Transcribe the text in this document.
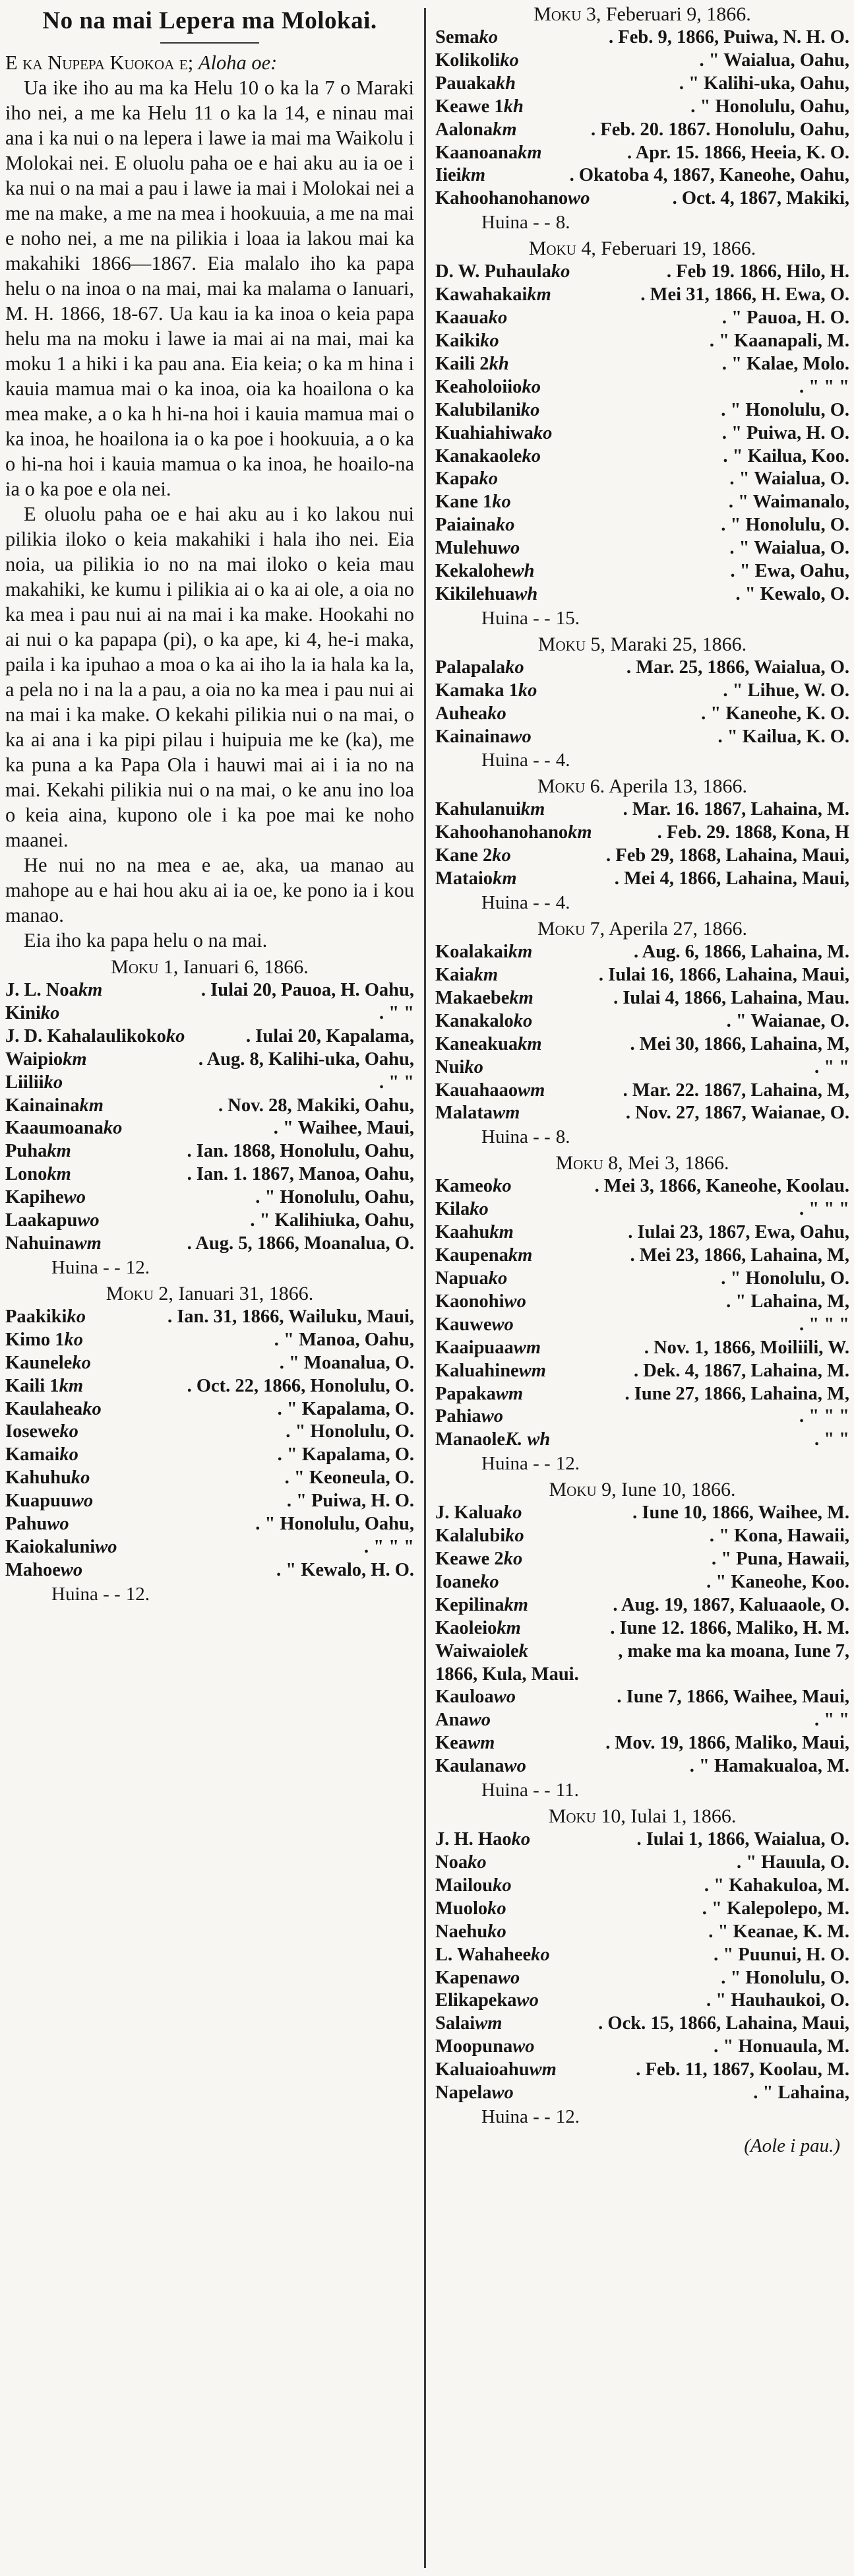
No na mai Lepera ma Molokai.

E ka Nupepa Kuokoa e; Aloha oe:

Ua ike iho au ma ka Helu 10 o ka la 7 o Maraki iho nei, a me ka Helu 11 o ka la 14, e ninau mai ana i ka nui o na lepera i lawe ia mai ma Waikolu i Molokai nei. E oluolu paha oe e hai aku au ia oe i ka nui o na mai a pau i lawe ia mai i Molokai nei a me na make, a me na mea i hookuuia, a me na mai e noho nei, a me na pilikia i loaa ia lakou mai ka makahiki 1866—1867. Eia malalo iho ka papa helu o na inoa o na mai, mai ka malama o Ianuari, M. H. 1866, 18-67. Ua kau ia ka inoa o keia papa helu ma na moku i lawe ia mai ai na mai, mai ka moku 1 a hiki i ka pau ana. Eia keia; o ka m hina i kauia mamua mai o ka inoa, oia ka hoailona o ka mea make, a o ka h hi-na hoi i kauia mamua mai o ka inoa, he hoailona ia o ka poe i hookuuia, a o ka o hi-na hoi i kauia mamua o ka inoa, he hoailo-na ia o ka poe e ola nei.

E oluolu paha oe e hai aku au i ko lakou nui pilikia iloko o keia makahiki i hala iho nei. Eia noia, ua pilikia io no na mai iloko o keia mau makahiki, ke kumu i pilikia ai o ka ai ole, a oia no ka mea i pau nui ai na mai i ka make. Hookahi no ai nui o ka papapa (pi), o ka ape, ki 4, he-i maka, paila i ka ipuhao a moa o ka ai iho la ia hala ka la, a pela no i na la a pau, a oia no ka mea i pau nui ai na mai i ka make. O kekahi pilikia nui o na mai, o ka ai ana i ka pipi pilau i huipuia me ke (ka), me ka puna a ka Papa Ola i hauwi mai ai i ia no na mai. Kekahi pilikia nui o na mai, o ke anu ino loa o keia aina, kupono ole i ka poe mai ke noho maanei.

He nui no na mea e ae, aka, ua manao au mahope au e hai hou aku ai ia oe, ke pono ia i kou manao.

Eia iho ka papa helu o na mai.

Moku 1, Ianuari 6, 1866.
J. L. Noa k m	. Iulai 20, Pauoa, H. Oahu,
Kini k o	. " "
J. D. Kahalaulikoko k o	. Iulai 20, Kapalama,
Waipio k m	. Aug. 8, Kalihi-uka, Oahu,
Liilii k o	. " "
Kainaina k m	. Nov. 28, Makiki, Oahu,
Kaaumoana k o	. " Waihee, Maui,
Puha k m	. Ian. 1868, Honolulu, Oahu,
Lono k m	. Ian. 1. 1867, Manoa, Oahu,
Kapihe w o	. " Honolulu, Oahu,
Laakapu w o	. " Kalihiuka, Oahu,
Nahuina w m	. Aug. 5, 1866, Moanalua, O.
Huina - - 12.
Moku 2, Ianuari 31, 1866.
Paakiki k o	. Ian. 31, 1866, Wailuku, Maui,
Kimo 1 k o	. " Manoa, Oahu,
Kaunele k o	. " Moanalua, O.
Kaili 1 k m	. Oct. 22, 1866, Honolulu, O.
Kaulahea k o	. " Kapalama, O.
Iosewe k o	. " Honolulu, O.
Kamai k o	. " Kapalama, O.
Kahuhu k o	. " Keoneula, O.
Kuapuu w o	. " Puiwa, H. O.
Pahu w o	. " Honolulu, Oahu,
Kaiokaluni w o	. " " "
Mahoe w o	. " Kewalo, H. O.
Huina - - 12.
Moku 3, Feberuari 9, 1866.
Sema k o	. Feb. 9, 1866, Puiwa, N. H. O.
Kolikoli k o	. " Waialua, Oahu,
Pauaka k h	. " Kalihi-uka, Oahu,
Keawe 1 k h	. " Honolulu, Oahu,
Aalona k m	. Feb. 20. 1867. Honolulu, Oahu,
Kaanoana k m	. Apr. 15. 1866, Heeia, K. O.
Iiei k m	. Okatoba 4, 1867, Kaneohe, Oahu,
Kahoohanohano w o	. Oct. 4, 1867, Makiki,
Huina - - 8.
Moku 4, Feberuari 19, 1866.
D. W. Puhaula k o	. Feb 19. 1866, Hilo, H.
Kawahakai k m	. Mei 31, 1866, H. Ewa, O.
Kaaua k o	. " Pauoa, H. O.
Kaiki k o	. " Kaanapali, M.
Kaili 2 k h	. " Kalae, Molo.
Keaholoiio k o	. " " "
Kalubilani k o	. " Honolulu, O.
Kuahiahiwa k o	. " Puiwa, H. O.
Kanakaole k o	. " Kailua, Koo.
Kapa k o	. " Waialua, O.
Kane 1 k o	. " Waimanalo,
Paiaina k o	. " Honolulu, O.
Mulehu w o	. " Waialua, O.
Kekalohe w h	. " Ewa, Oahu,
Kikilehua w h	. " Kewalo, O.
Huina - - 15.
Moku 5, Maraki 25, 1866.
Palapala k o	. Mar. 25, 1866, Waialua, O.
Kamaka 1 k o	. " Lihue, W. O.
Auhea k o	. " Kaneohe, K. O.
Kainaina w o	. " Kailua, K. O.
Huina - - 4.
Moku 6. Aperila 13, 1866.
Kahulanui k m	. Mar. 16. 1867, Lahaina, M.
Kahoohanohano k m	. Feb. 29. 1868, Kona, H
Kane 2 k o	. Feb 29, 1868, Lahaina, Maui,
Mataio k m	. Mei 4, 1866, Lahaina, Maui,
Huina - - 4.
Moku 7, Aperila 27, 1866.
Koalakai k m	. Aug. 6, 1866, Lahaina, M.
Kaia k m	. Iulai 16, 1866, Lahaina, Maui,
Makaebe k m	. Iulai 4, 1866, Lahaina, Mau.
Kanakalo k o	. " Waianae, O.
Kaneakua k m	. Mei 30, 1866, Lahaina, M,
Nui k o	. " "
Kauahaao w m	. Mar. 22. 1867, Lahaina, M,
Malata w m	. Nov. 27, 1867, Waianae, O.
Huina - - 8.
Moku 8, Mei 3, 1866.
Kameo k o	. Mei 3, 1866, Kaneohe, Koolau.
Kila k o	. " " "
Kaahu k m	. Iulai 23, 1867, Ewa, Oahu,
Kaupena k m	. Mei 23, 1866, Lahaina, M,
Napua k o	. " Honolulu, O.
Kaonohi w o	. " Lahaina, M,
Kauwe w o	. " " "
Kaaipuaa w m	. Nov. 1, 1866, Moiliili, W.
Kaluahine w m	. Dek. 4, 1867, Lahaina, M.
Papaka w m	. Iune 27, 1866, Lahaina, M,
Pahia w o	. " " "
Manaole K. w h	. " "
Huina - - 12.
Moku 9, Iune 10, 1866.
J. Kalua k o	. Iune 10, 1866, Waihee, M.
Kalalubi k o	. " Kona, Hawaii,
Keawe 2 k o	. " Puna, Hawaii,
Ioane k o	. " Kaneohe, Koo.
Kepilina k m	. Aug. 19, 1867, Kaluaaole, O.
Kaoleio k m	. Iune 12. 1866, Maliko, H. M.
Waiwaiole k	, make ma ka moana, Iune 7,
1866, Kula, Maui.
Kauloa w o	. Iune 7, 1866, Waihee, Maui,
Ana w o	. " "
Kea w m	. Mov. 19, 1866, Maliko, Maui,
Kaulana w o	. " Hamakualoa, M.
Huina - - 11.
Moku 10, Iulai 1, 1866.
J. H. Hao k o	. Iulai 1, 1866, Waialua, O.
Noa k o	. " Hauula, O.
Mailou k o	. " Kahakuloa, M.
Muolo k o	. " Kalepolepo, M.
Naehu k o	. " Keanae, K. M.
L. Wahahee k o	. " Puunui, H. O.
Kapena w o	. " Honolulu, O.
Elikapeka w o	. " Hauhaukoi, O.
Salai w m	. Ock. 15, 1866, Lahaina, Maui,
Moopuna w o	. " Honuaula, M.
Kaluaioahu w m	. Feb. 11, 1867, Koolau, M.
Napela w o	. " Lahaina,
Huina - - 12.
(Aole i pau.)
